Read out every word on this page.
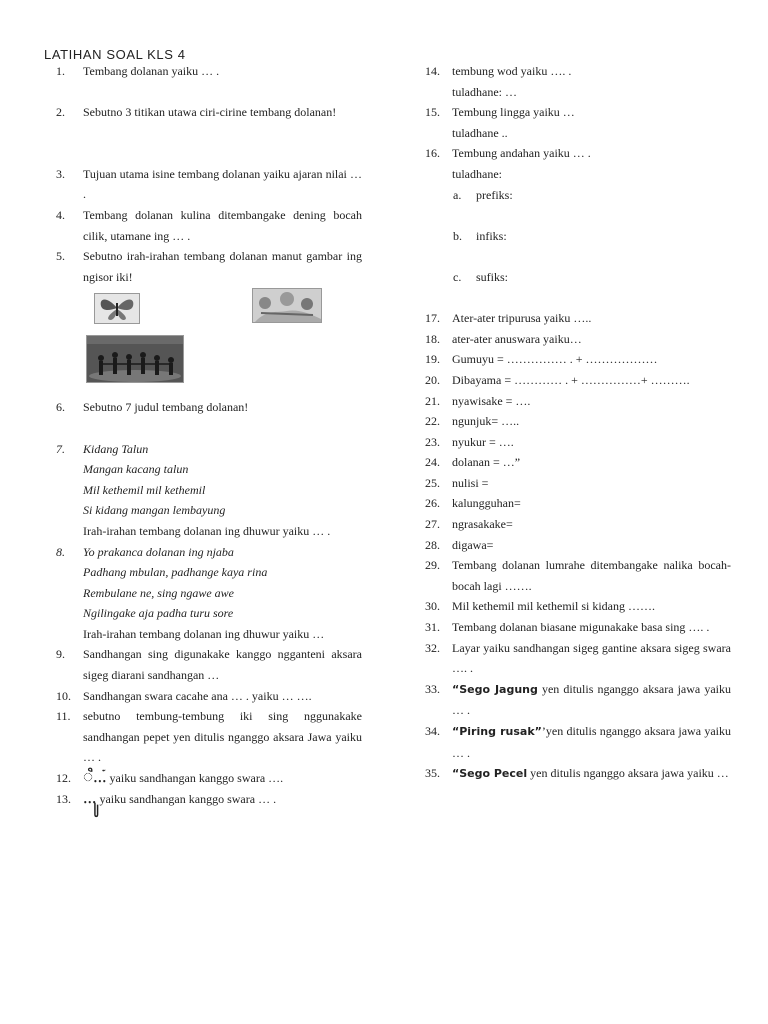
LATIHAN SOAL KLS 4
1.	Tembang dolanan yaiku … .
2.	Sebutno 3 titikan utawa ciri-cirine tembang dolanan!
3.	Tujuan utama isine tembang dolanan yaiku ajaran nilai … .
4.	Tembang dolanan kulina ditembangake dening bocah cilik, utamane ing … .
5.	Sebutno irah-irahan tembang dolanan manut gambar ing ngisor iki!
6.	Sebutno 7 judul tembang dolanan!
7.	Kidang Talun
Mangan kacang talun
Mil kethemil mil kethemil
Si kidang mangan lembayung
Irah-irahan tembang dolanan ing dhuwur yaiku … .
8.	Yo prakanca dolanan ing njaba
Padhang mbulan, padhange kaya rina
Rembulane ne, sing ngawe awe
Ngilingake aja padha turu sore
Irah-irahan tembang dolanan ing dhuwur yaiku …
9.	Sandhangan sing digunakake kanggo ngganteni aksara sigeg diarani sandhangan …
10.	Sandhangan swara cacahe ana … . yaiku … ….
11.	sebutno tembung-tembung iki sing nggunakake sandhangan pepet yen ditulis nganggo aksara Jawa yaiku … .
12. ꦶ…ꦁ yaiku sandhangan kanggo swara ….
13. …ꦸ yaiku sandhangan kanggo swara … .
14.	tembung wod yaiku …. .
tuladhane: …
15.	Tembung lingga yaiku …
tuladhane ..
16.	Tembung andahan yaiku … .
tuladhane:
a.	prefiks:
b.	infiks:
c.	sufiks:
17.	Ater-ater tripurusa yaiku …..
18.	ater-ater anuswara yaiku…
19.	Gumuyu = …………… . + ………………
20.	Dibayama = ………… . + ……………+ ……….
21.	nyawisake = ….
22.	ngunjuk= …..
23.	nyukur = ….
24.	dolanan = …”
25.	nulisi =
26.	kalungguhan=
27.	ngrasakake=
28.	digawa=
29.	Tembang dolanan lumrahe ditembangake nalika bocah-bocah lagi …….
30.	Mil kethemil mil kethemil si kidang …….
31.	Tembang dolanan biasane migunakake basa sing …. .
32.	Layar yaiku sandhangan sigeg gantine aksara sigeg swara …. .
33.	“Sego Jagung yen ditulis nganggo aksara jawa yaiku … .
34.	“Piring rusak”’yen ditulis nganggo aksara jawa yaiku … .
35.	“Sego Pecel yen ditulis nganggo aksara jawa yaiku …
